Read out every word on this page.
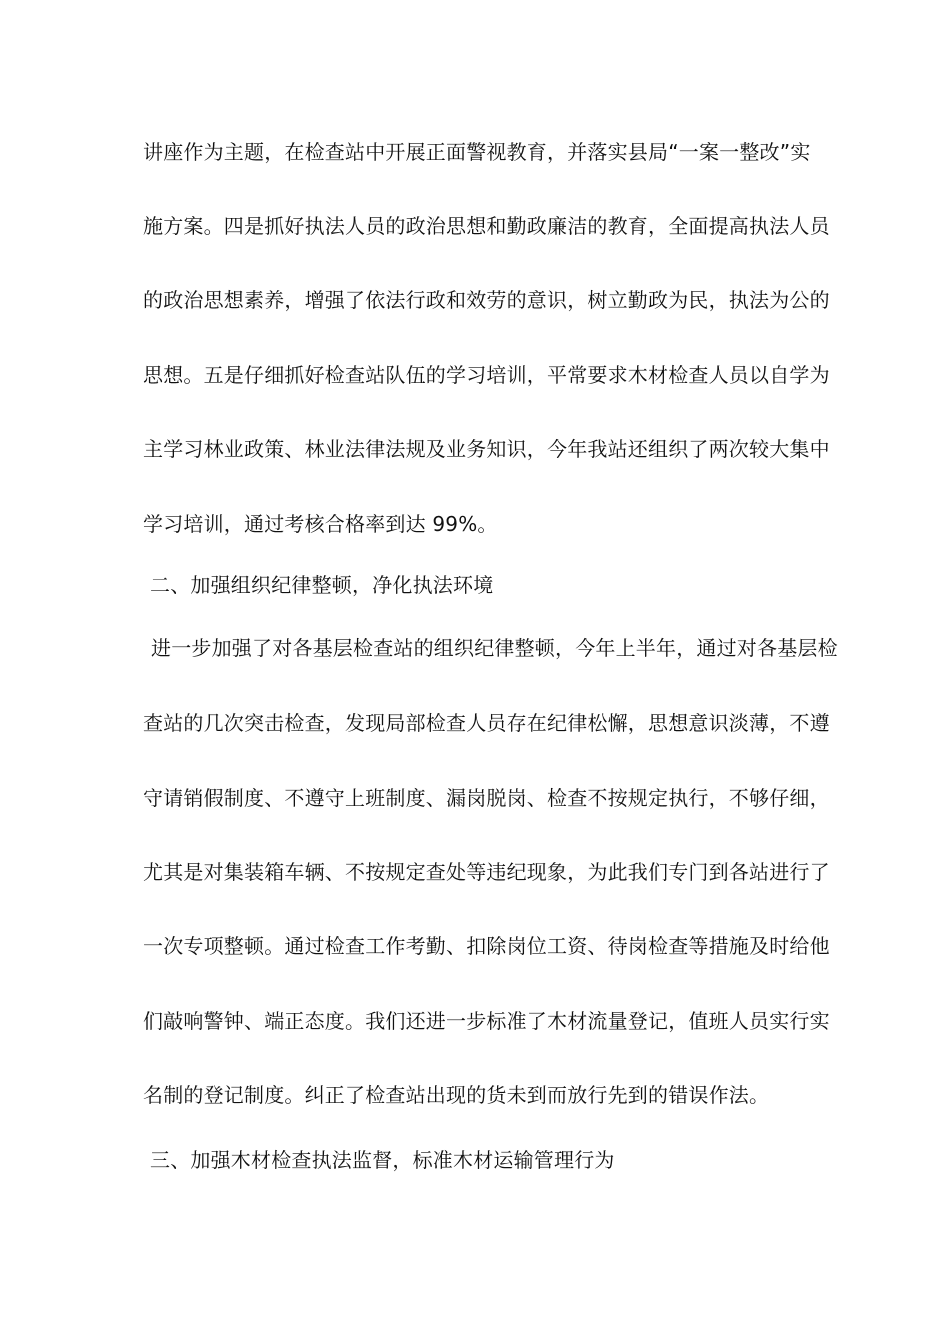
讲座作为主题，在检查站中开展正面警视教育，并落实县局“一案一整改”实
施方案。四是抓好执法人员的政治思想和勤政廉洁的教育，全面提高执法人员
的政治思想素养，增强了依法行政和效劳的意识，树立勤政为民，执法为公的
思想。五是仔细抓好检查站队伍的学习培训，平常要求木材检查人员以自学为
主学习林业政策、林业法律法规及业务知识，今年我站还组织了两次较大集中
学习培训，通过考核合格率到达 99%。
二、加强组织纪律整顿，净化执法环境
进一步加强了对各基层检查站的组织纪律整顿，今年上半年，通过对各基层检
查站的几次突击检查，发现局部检查人员存在纪律松懈，思想意识淡薄，不遵
守请销假制度、不遵守上班制度、漏岗脱岗、检查不按规定执行，不够仔细，
尤其是对集装箱车辆、不按规定查处等违纪现象，为此我们专门到各站进行了
一次专项整顿。通过检查工作考勤、扣除岗位工资、待岗检查等措施及时给他
们敲响警钟、端正态度。我们还进一步标准了木材流量登记，值班人员实行实
名制的登记制度。纠正了检查站出现的货未到而放行先到的错误作法。
三、加强木材检查执法监督，标准木材运输管理行为
